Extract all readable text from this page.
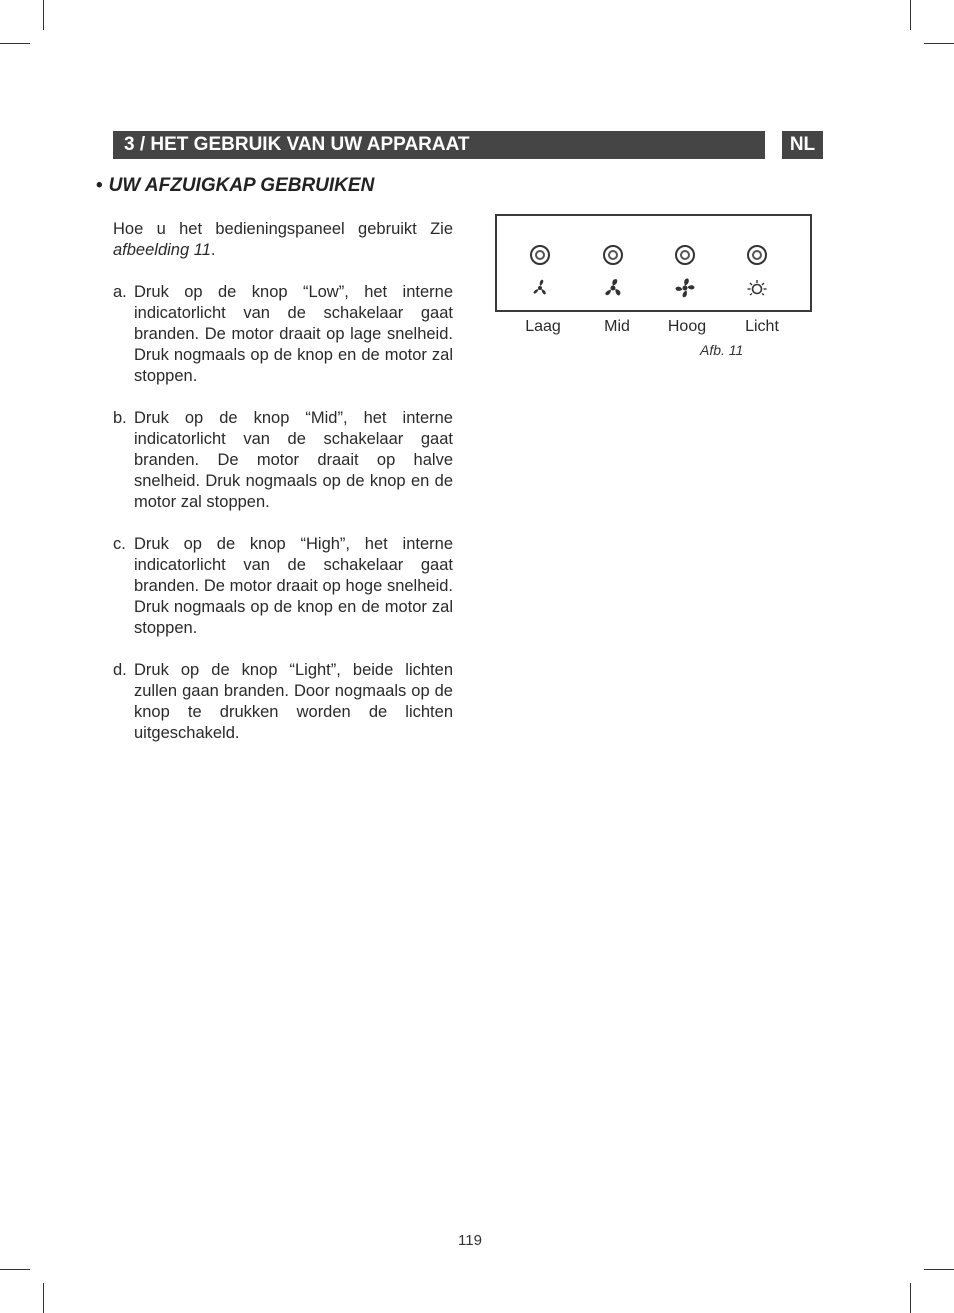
3 / HET GEBRUIK VAN UW APPARAAT	NL
• UW AFZUIGKAP GEBRUIKEN

Hoe u het bedieningspaneel gebruikt Zie afbeelding 11.

a. Druk op de knop “Low”, het interne indicatorlicht van de schakelaar gaat branden. De motor draait op lage snelheid. Druk nogmaals op de knop en de motor zal stoppen.
b. Druk op de knop “Mid”, het interne indicatorlicht van de schakelaar gaat branden. De motor draait op halve snelheid. Druk nogmaals op de knop en de motor zal stoppen.
c. Druk op de knop “High”, het interne indicatorlicht van de schakelaar gaat branden. De motor draait op hoge snelheid. Druk nogmaals op de knop en de motor zal stoppen.
d. Druk op de knop “Light”, beide lichten zullen gaan branden. Door nogmaals op de knop te drukken worden de lichten uitgeschakeld.
Laag	Mid Hoog Licht
Afb. 11
119
